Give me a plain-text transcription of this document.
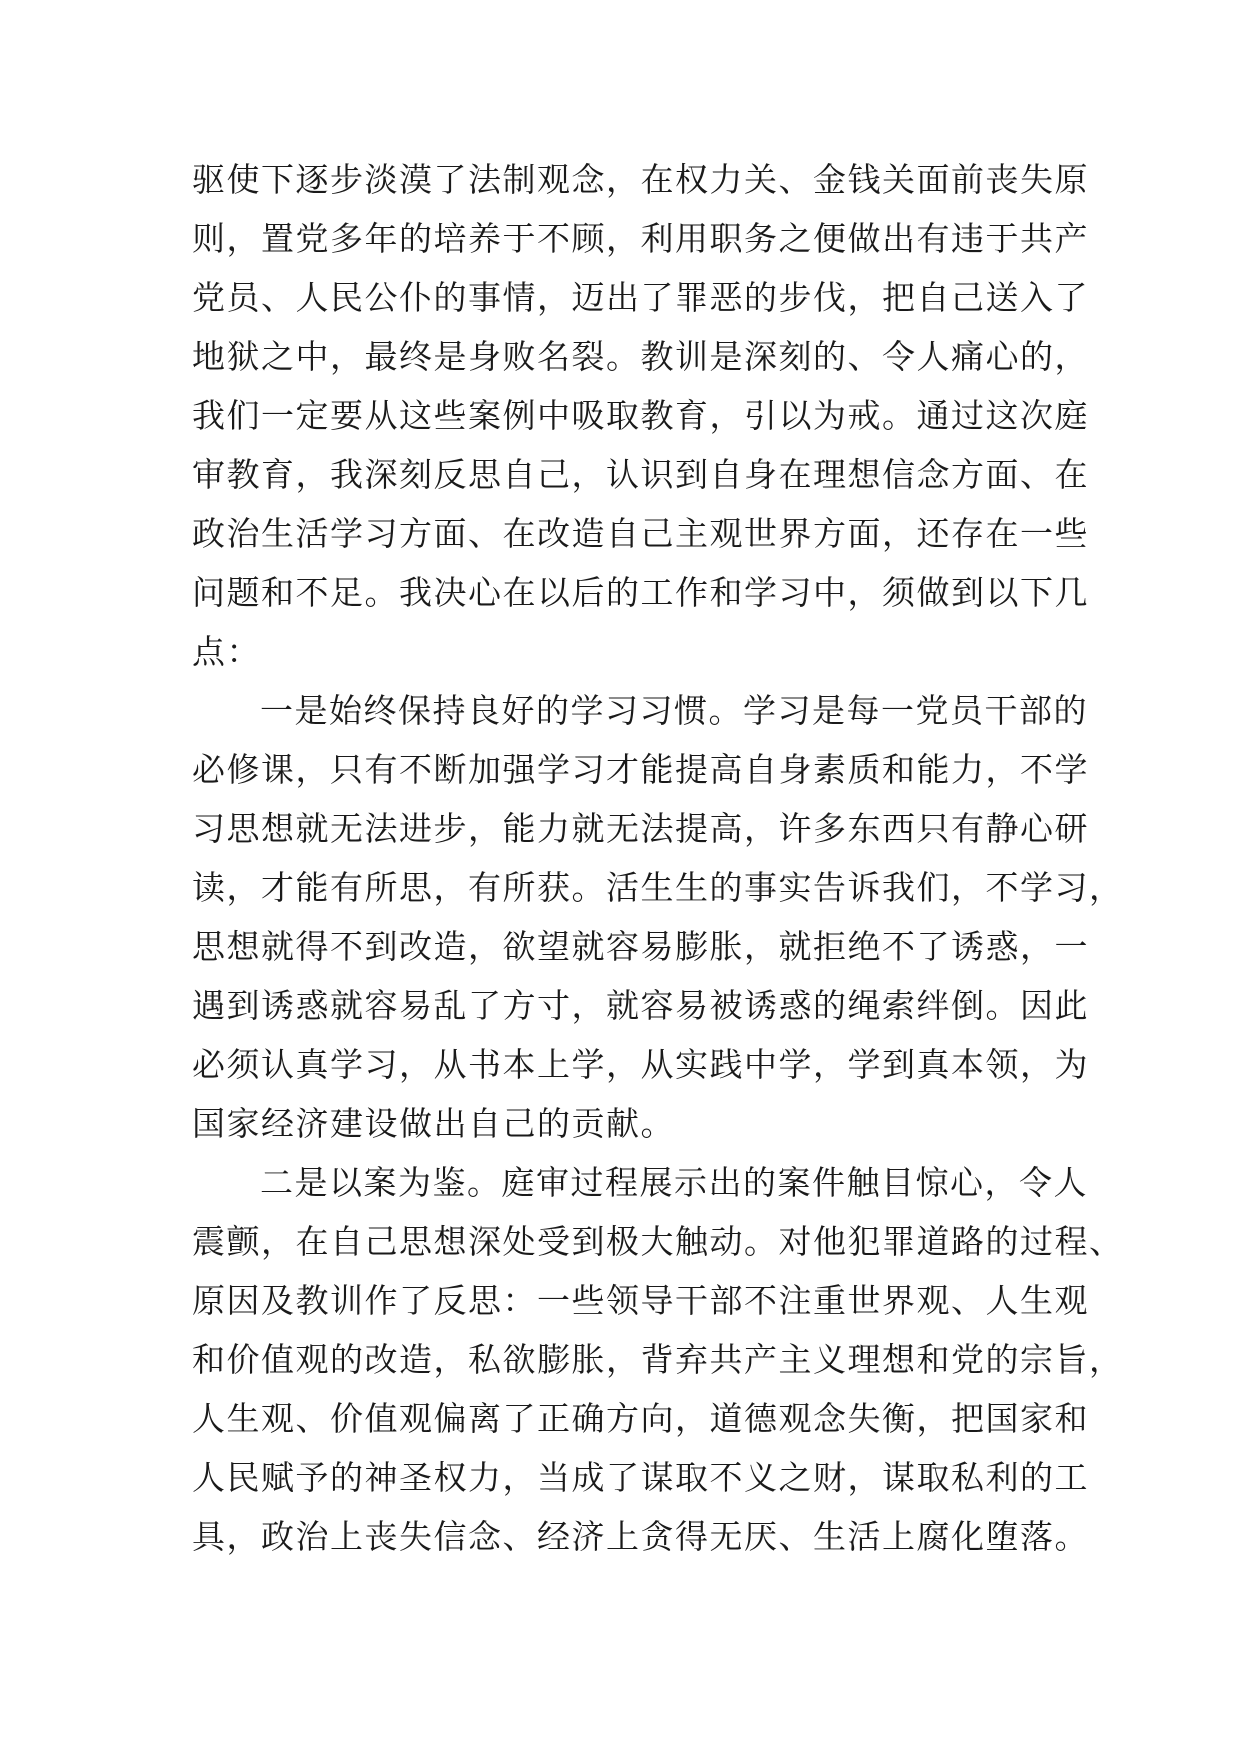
驱使下逐步淡漠了法制观念，在权力关、金钱关面前丧失原
则，置党多年的培养于不顾，利用职务之便做出有违于共产
党员、人民公仆的事情，迈出了罪恶的步伐，把自己送入了
地狱之中，最终是身败名裂。教训是深刻的、令人痛心的，
我们一定要从这些案例中吸取教育，引以为戒。通过这次庭
审教育，我深刻反思自己，认识到自身在理想信念方面、在
政治生活学习方面、在改造自己主观世界方面，还存在一些
问题和不足。我决心在以后的工作和学习中，须做到以下几
点：
一是始终保持良好的学习习惯。学习是每一党员干部的
必修课，只有不断加强学习才能提高自身素质和能力，不学
习思想就无法进步，能力就无法提高，许多东西只有静心研
读，才能有所思，有所获。活生生的事实告诉我们，不学习，
思想就得不到改造，欲望就容易膨胀，就拒绝不了诱惑，一
遇到诱惑就容易乱了方寸，就容易被诱惑的绳索绊倒。因此
必须认真学习，从书本上学，从实践中学，学到真本领，为
国家经济建设做出自己的贡献。
二是以案为鉴。庭审过程展示出的案件触目惊心，令人
震颤，在自己思想深处受到极大触动。对他犯罪道路的过程、
原因及教训作了反思：一些领导干部不注重世界观、人生观
和价值观的改造，私欲膨胀，背弃共产主义理想和党的宗旨，
人生观、价值观偏离了正确方向，道德观念失衡，把国家和
人民赋予的神圣权力，当成了谋取不义之财，谋取私利的工
具，政治上丧失信念、经济上贪得无厌、生活上腐化堕落。
